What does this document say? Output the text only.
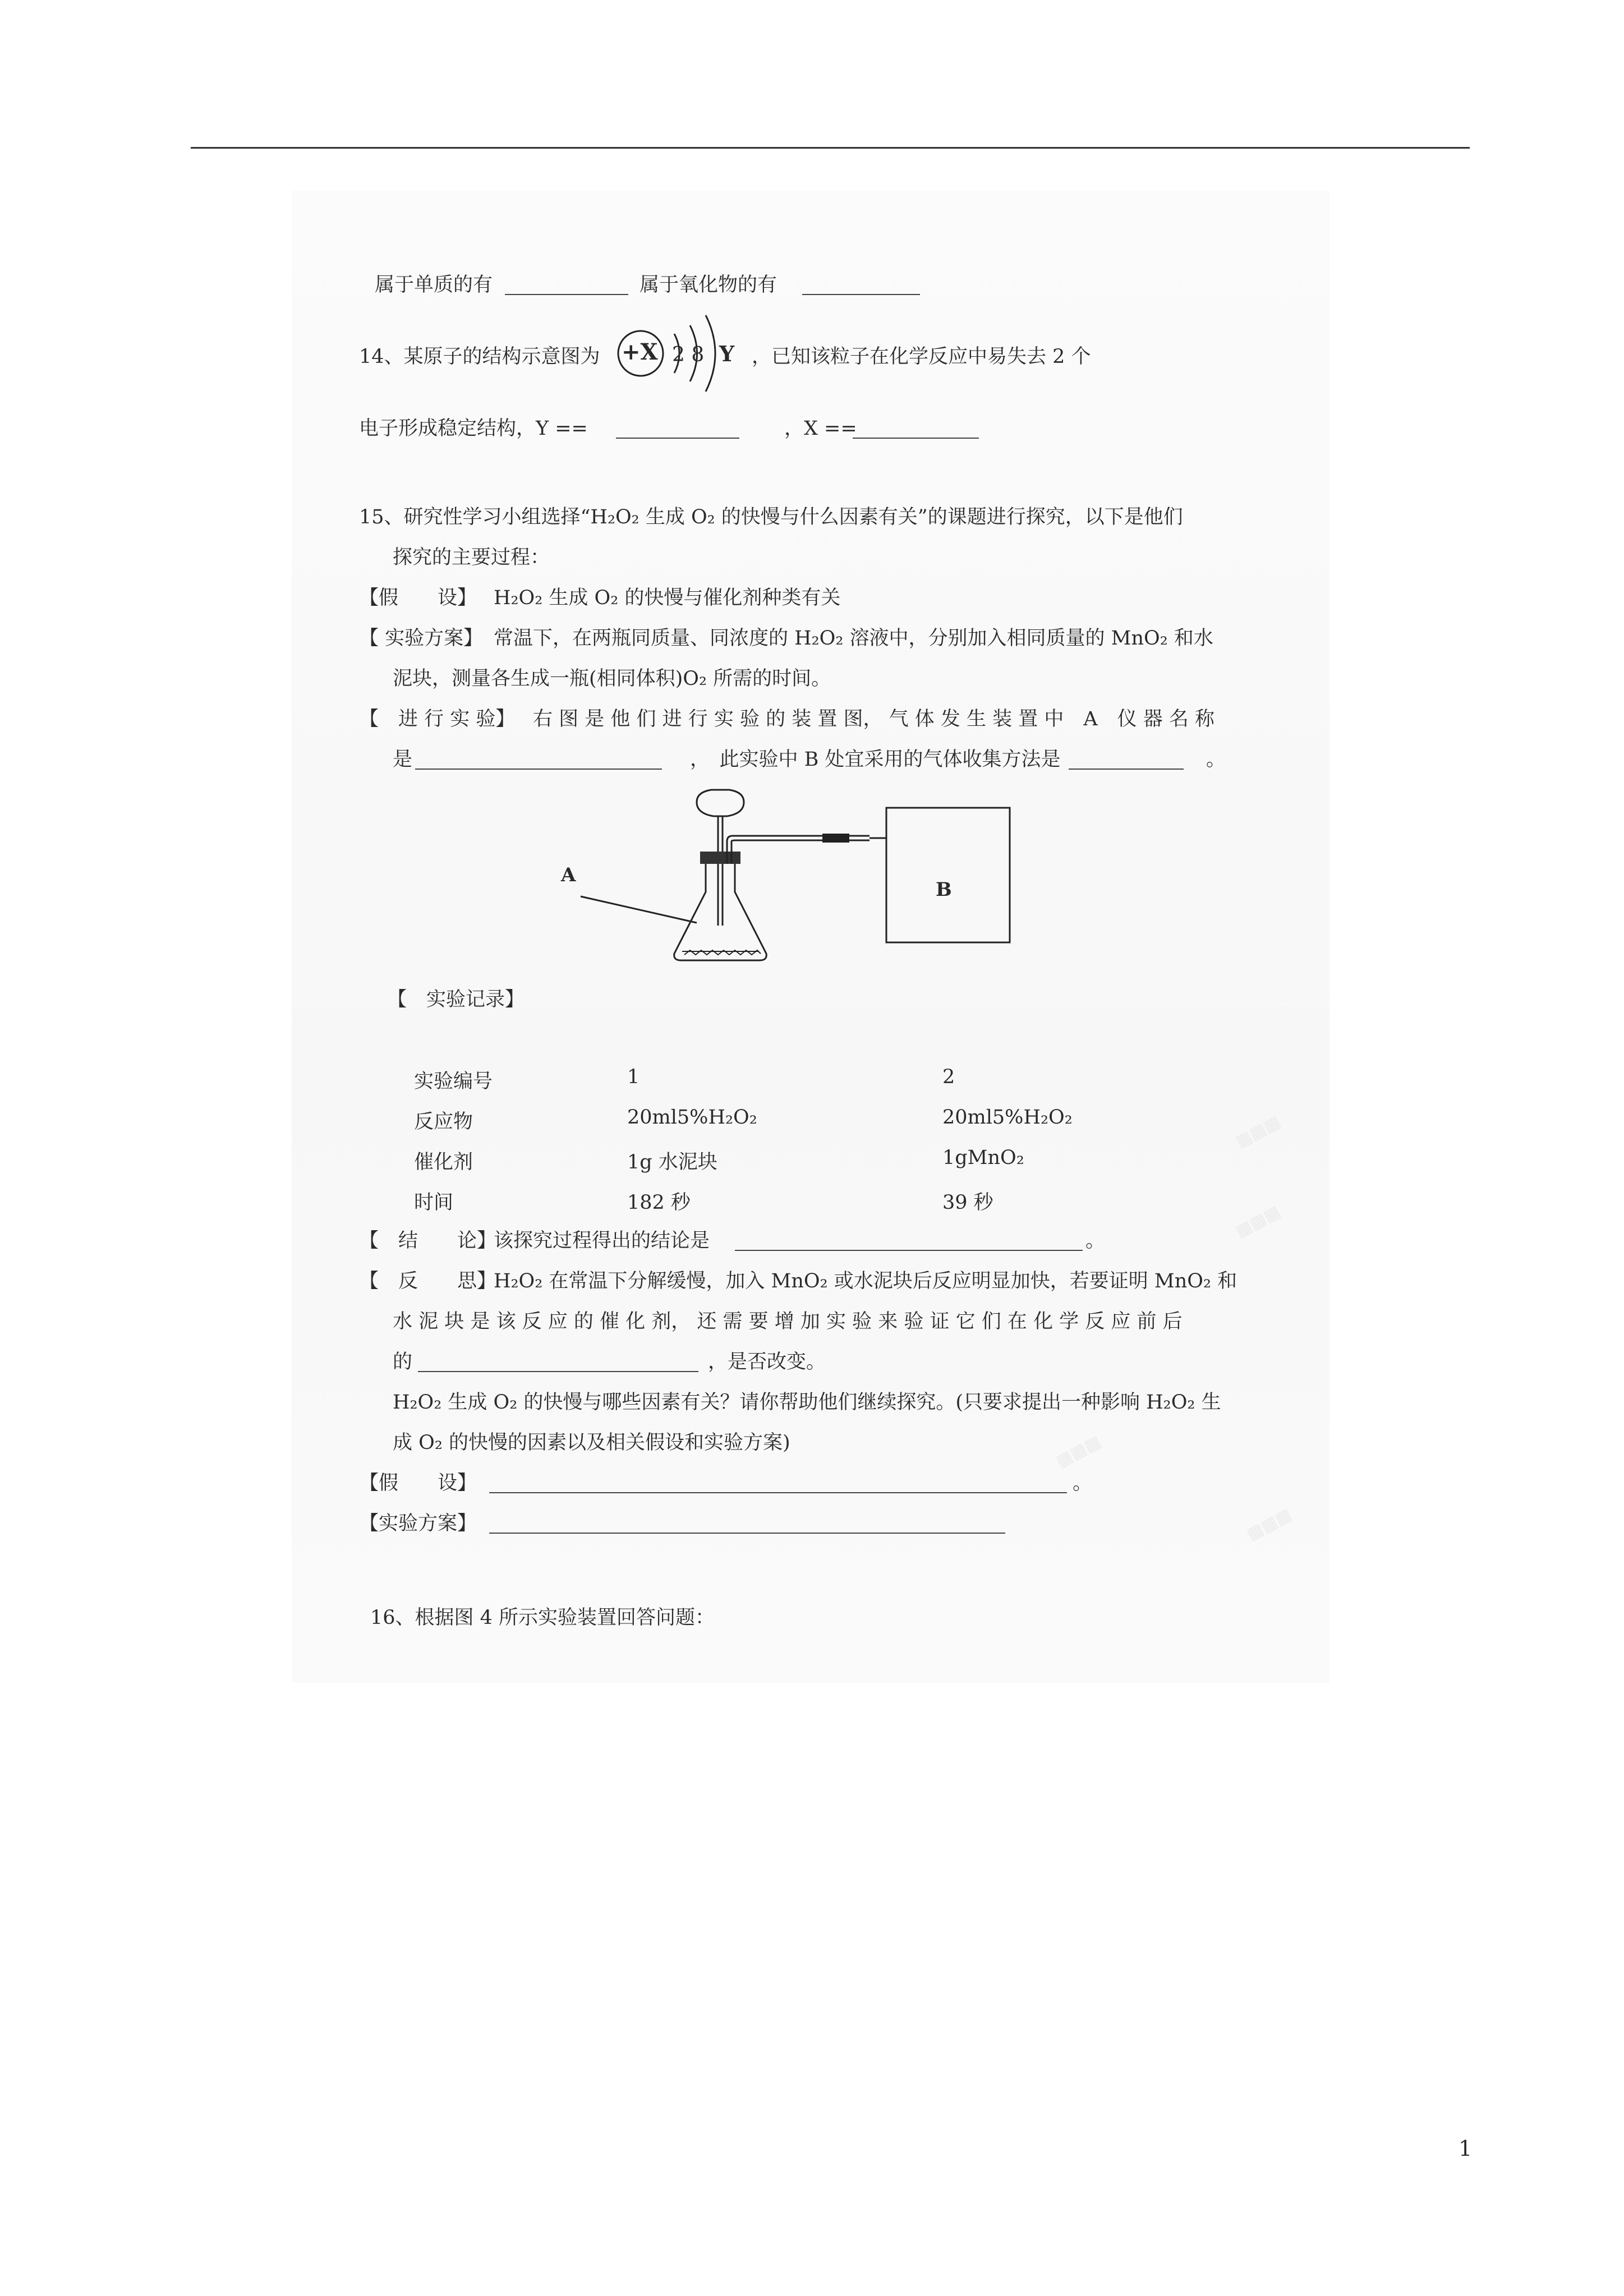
▦▦▦
▦▦▦
▦▦▦
▦▦▦
属于单质的有	属于氧化物的有
14、某原子的结构示意图为 +X 2 8 Y ，已知该粒子在化学反应中易失去 2 个
电子形成稳定结构，Y ==	，X ==
15、研究性学习小组选择“H₂O₂ 生成 O₂ 的快慢与什么因素有关”的课题进行探究，以下是他们
探究的主要过程：
【假　　设】 H₂O₂ 生成 O₂ 的快慢与催化剂种类有关
【 实验方案】 常温下，在两瓶同质量、同浓度的 H₂O₂ 溶液中，分别加入相同质量的 MnO₂ 和水
泥块，测量各生成一瓶(相同体积)O₂ 所需的时间。
【　进 行 实 验】 右 图 是 他 们 进 行 实 验 的 装 置 图， 气 体 发 生 装 置 中　A　仪 器 名 称
是	，　此实验中 B 处宜采用的气体收集方法是	。
A
B
【　实验记录】
实验编号	1	2
反应物	20ml5%H₂O₂	20ml5%H₂O₂
催化剂	1g 水泥块	1gMnO₂
时间	182 秒	39 秒
【　结　　论】
该探究过程得出的结论是	。
【　反　　思】
H₂O₂ 在常温下分解缓慢，加入 MnO₂ 或水泥块后反应明显加快，若要证明 MnO₂ 和
水 泥 块 是 该 反 应 的 催 化 剂， 还 需 要 增 加 实 验 来 验 证 它 们 在 化 学 反 应 前 后
的	，是否改变。
H₂O₂ 生成 O₂ 的快慢与哪些因素有关？请你帮助他们继续探究。(只要求提出一种影响 H₂O₂ 生
成 O₂ 的快慢的因素以及相关假设和实验方案)
【假　　设】	。
【实验方案】
16、根据图 4 所示实验装置回答问题：
1
